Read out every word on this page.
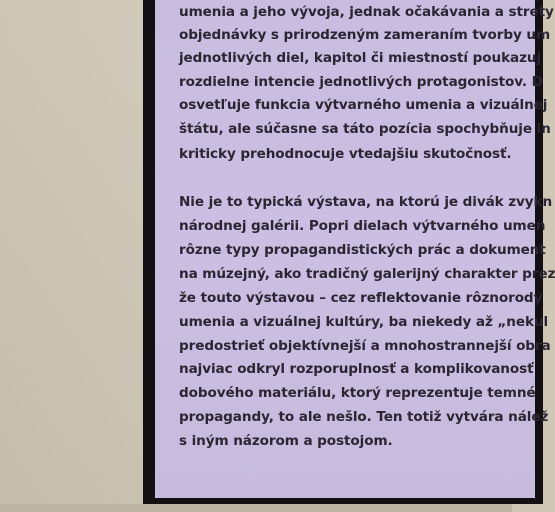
umenia a jeho vývoja, jednak očakávania a strety
objednávky s prirodzeným zameraním tvorby um
jednotlivých diel, kapitol či miestností poukazuj
rozdielne intencie jednotlivých protagonistov. D
osvetľuje funkcia výtvarného umenia a vizuálnej
štátu, ale súčasne sa táto pozícia spochybňuje in
kriticky prehodnocuje vtedajšiu skutočnosť.
Nie je to typická výstava, na ktorú je divák zvykn
národnej galérii. Popri dielach výtvarného umen
rôzne typy propagandistických prác a dokument
na múzejný, ako tradičný galerijný charakter prez
že touto výstavou – cez reflektovanie rôznorodý
umenia a vizuálnej kultúry, ba niekedy až „nekul
predostrieť objektívnejší a mnohostrannejší obra
najviac odkryl rozporuplnosť a komplikovanosť
dobového materiálu, ktorý reprezentuje temné
propagandy, to ale nešlo. Ten totiž vytvára nálež
s iným názorom a postojom.
